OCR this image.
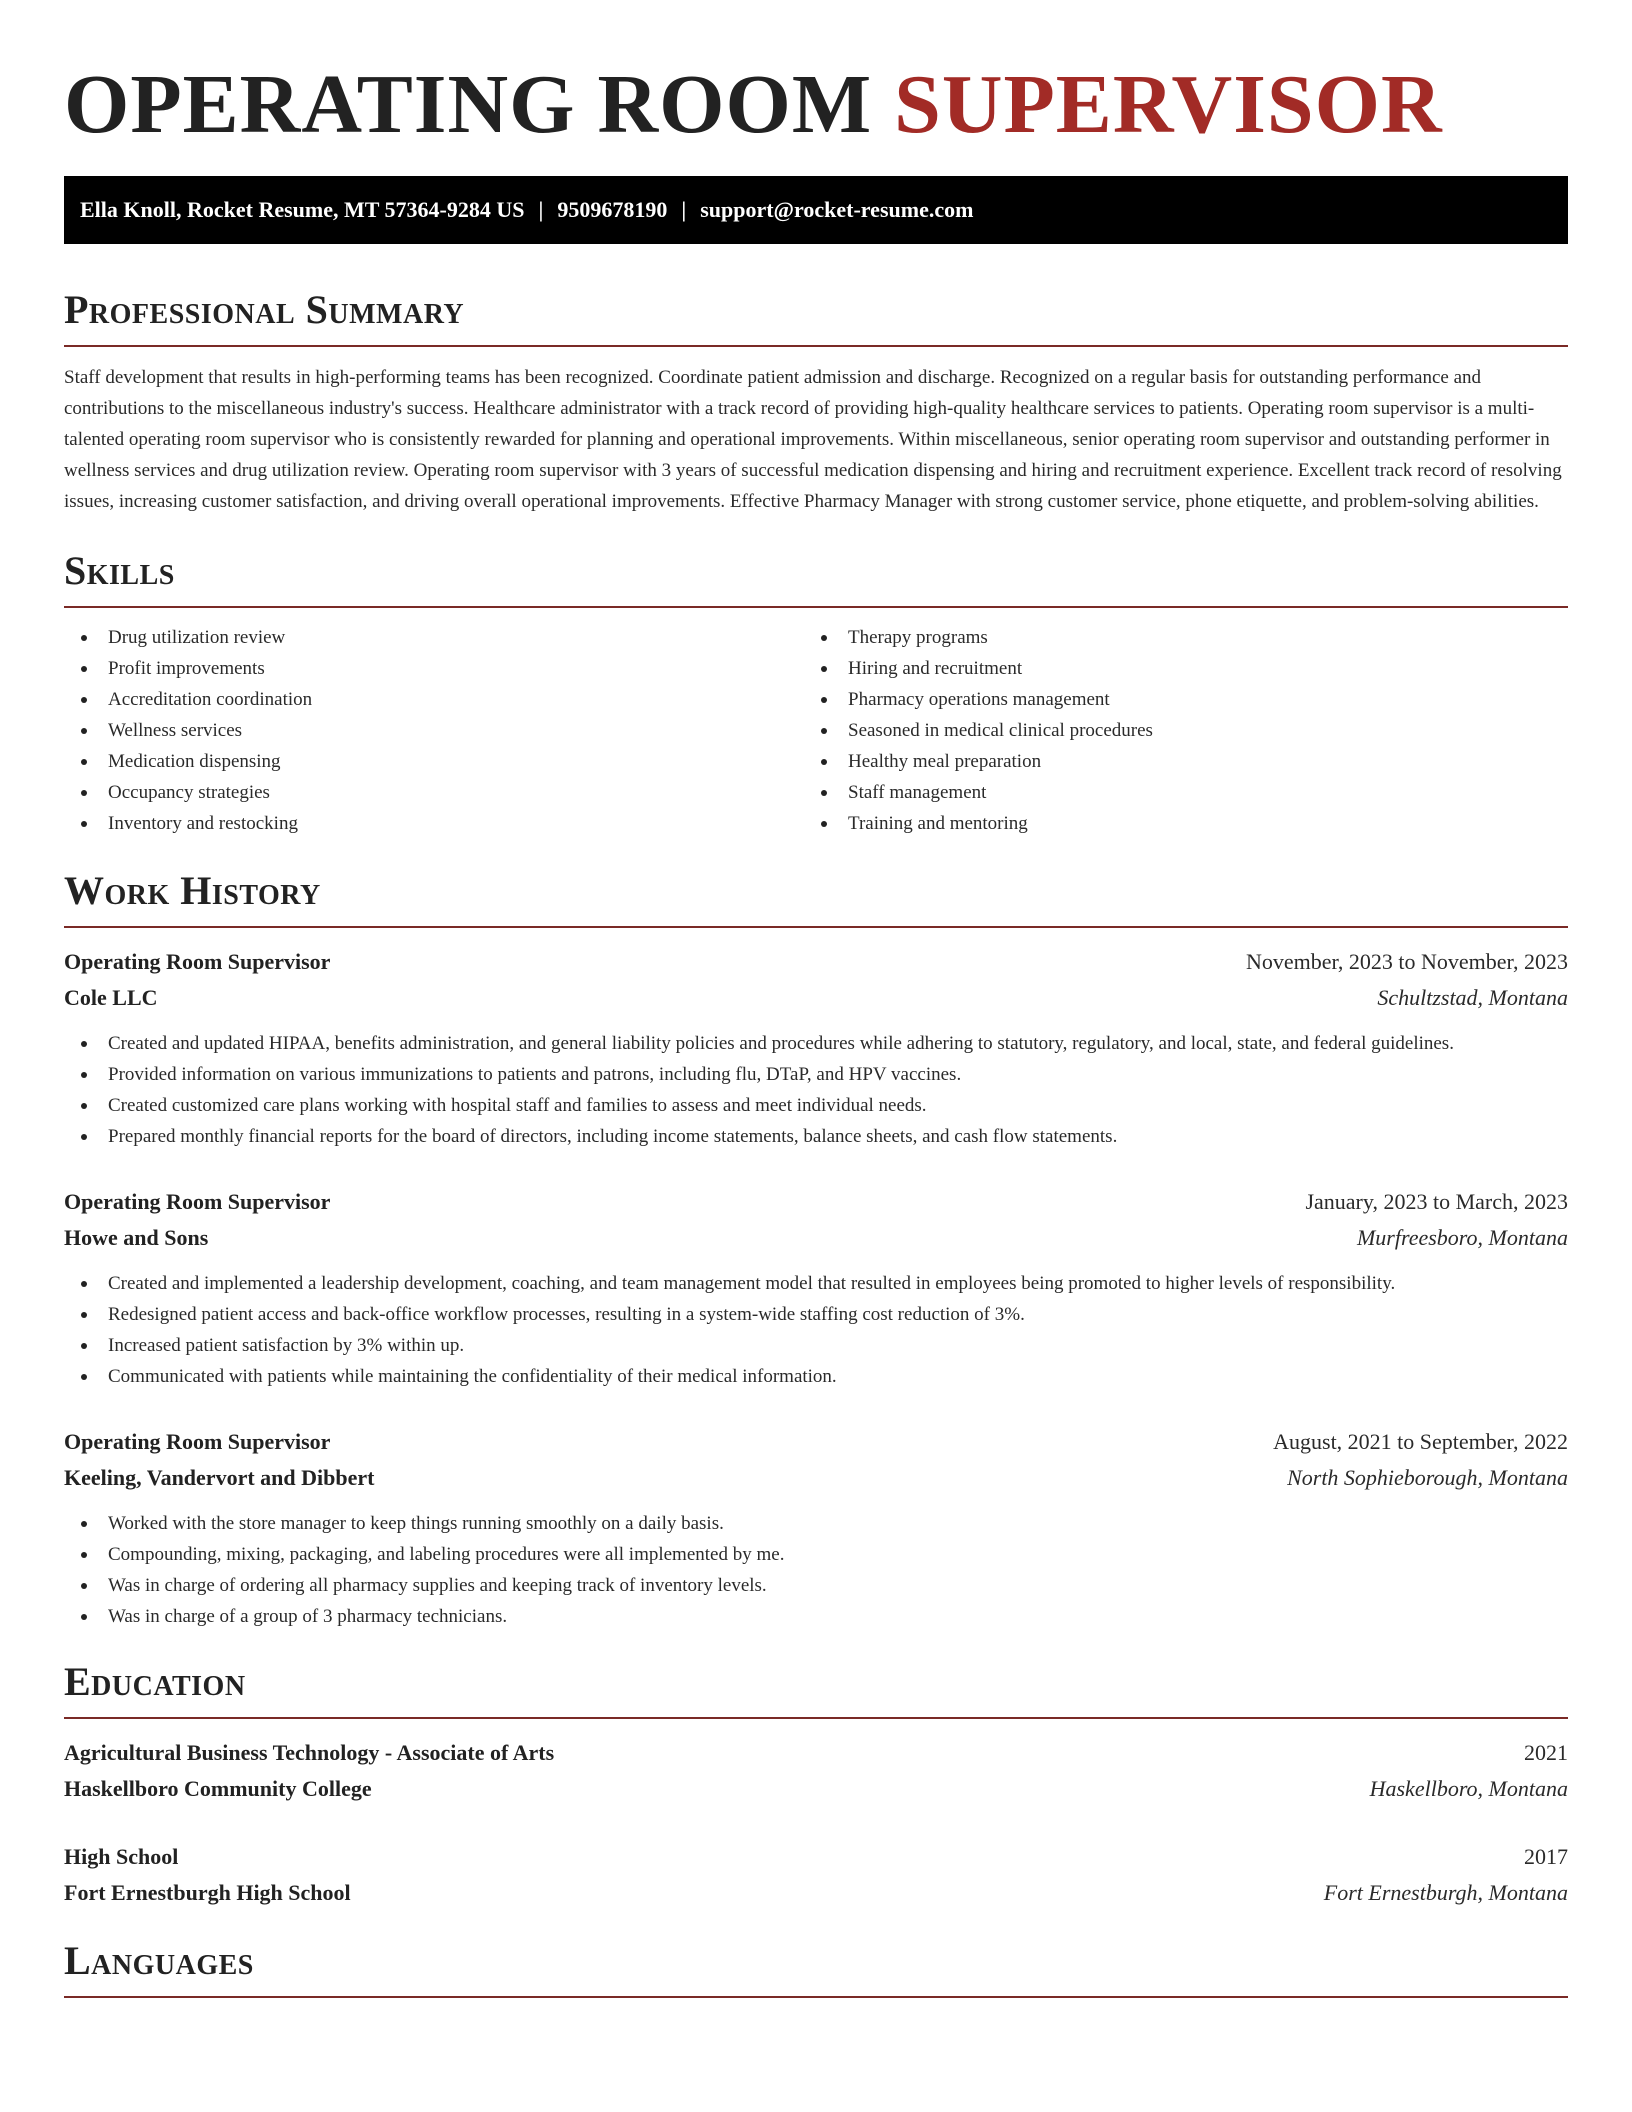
OPERATING ROOM SUPERVISOR
Ella Knoll, Rocket Resume, MT 57364-9284 US | 9509678190 | support@rocket-resume.com
Professional Summary

Staff development that results in high-performing teams has been recognized. Coordinate patient admission and discharge. Recognized on a regular basis for outstanding performance and contributions to the miscellaneous industry's success. Healthcare administrator with a track record of providing high-quality healthcare services to patients. Operating room supervisor is a multi-talented operating room supervisor who is consistently rewarded for planning and operational improvements. Within miscellaneous, senior operating room supervisor and outstanding performer in wellness services and drug utilization review. Operating room supervisor with 3 years of successful medication dispensing and hiring and recruitment experience. Excellent track record of resolving issues, increasing customer satisfaction, and driving overall operational improvements. Effective Pharmacy Manager with strong customer service, phone etiquette, and problem-solving abilities.

Skills
Drug utilization review
Profit improvements
Accreditation coordination
Wellness services
Medication dispensing
Occupancy strategies
Inventory and restocking
Therapy programs
Hiring and recruitment
Pharmacy operations management
Seasoned in medical clinical procedures
Healthy meal preparation
Staff management
Training and mentoring
Work History
Operating Room Supervisor	November, 2023 to November, 2023
Cole LLC	Schultzstad, Montana
Created and updated HIPAA, benefits administration, and general liability policies and procedures while adhering to statutory, regulatory, and local, state, and federal guidelines.
Provided information on various immunizations to patients and patrons, including flu, DTaP, and HPV vaccines.
Created customized care plans working with hospital staff and families to assess and meet individual needs.
Prepared monthly financial reports for the board of directors, including income statements, balance sheets, and cash flow statements.
Operating Room Supervisor	January, 2023 to March, 2023
Howe and Sons	Murfreesboro, Montana
Created and implemented a leadership development, coaching, and team management model that resulted in employees being promoted to higher levels of responsibility.
Redesigned patient access and back-office workflow processes, resulting in a system-wide staffing cost reduction of 3%.
Increased patient satisfaction by 3% within up.
Communicated with patients while maintaining the confidentiality of their medical information.
Operating Room Supervisor	August, 2021 to September, 2022
Keeling, Vandervort and Dibbert	North Sophieborough, Montana
Worked with the store manager to keep things running smoothly on a daily basis.
Compounding, mixing, packaging, and labeling procedures were all implemented by me.
Was in charge of ordering all pharmacy supplies and keeping track of inventory levels.
Was in charge of a group of 3 pharmacy technicians.
Education
Agricultural Business Technology - Associate of Arts	2021
Haskellboro Community College	Haskellboro, Montana
High School	2017
Fort Ernestburgh High School	Fort Ernestburgh, Montana
Languages
